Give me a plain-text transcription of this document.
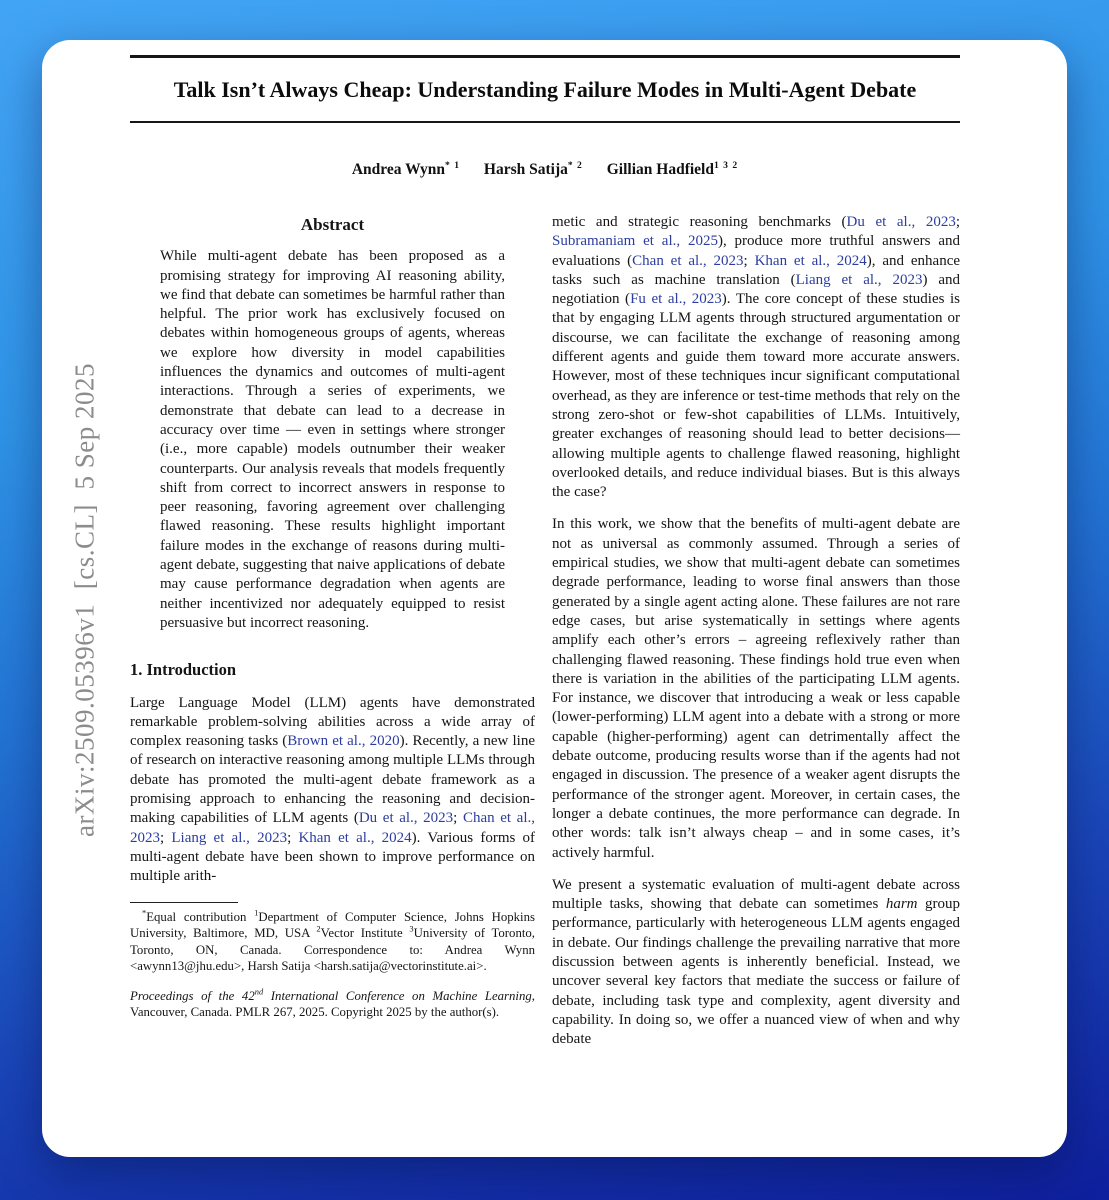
arXiv:2509.05396v1  [cs.CL]  5 Sep 2025
Talk Isn’t Always Cheap: Understanding Failure Modes in Multi-Agent Debate
Andrea Wynn$^{* 1}$ Harsh Satija$^{* 2}$ Gillian Hadfield$^{1 3 2}$
Abstract
While multi-agent debate has been proposed as a promising strategy for improving AI reasoning ability, we find that debate can sometimes be harmful rather than helpful. The prior work has exclusively focused on debates within homogeneous groups of agents, whereas we explore how diversity in model capabilities influences the dynamics and outcomes of multi-agent interactions. Through a series of experiments, we demonstrate that debate can lead to a decrease in accuracy over time — even in settings where stronger (i.e., more capable) models outnumber their weaker counterparts. Our analysis reveals that models frequently shift from correct to incorrect answers in response to peer reasoning, favoring agreement over challenging flawed reasoning. These results highlight important failure modes in the exchange of reasons during multi-agent debate, suggesting that naive applications of debate may cause performance degradation when agents are neither incentivized nor adequately equipped to resist persuasive but incorrect reasoning.
1. Introduction

Large Language Model (LLM) agents have demonstrated remarkable problem-solving abilities across a wide array of complex reasoning tasks (Brown et al., 2020). Recently, a new line of research on interactive reasoning among multiple LLMs through debate has promoted the multi-agent debate framework as a promising approach to enhancing the reasoning and decision-making capabilities of LLM agents (Du et al., 2023; Chan et al., 2023; Liang et al., 2023; Khan et al., 2024). Various forms of multi-agent debate have been shown to improve performance on multiple arith-

*Equal contribution $^1$Department of Computer Science, Johns Hopkins University, Baltimore, MD, USA $^2$Vector Institute $^3$University of Toronto, Toronto, ON, Canada. Correspondence to: Andrea Wynn <awynn13@jhu.edu>, Harsh Satija <harsh.satija@vectorinstitute.ai>.
Proceedings of the 42nd International Conference on Machine Learning, Vancouver, Canada. PMLR 267, 2025. Copyright 2025 by the author(s).

metic and strategic reasoning benchmarks (Du et al., 2023; Subramaniam et al., 2025), produce more truthful answers and evaluations (Chan et al., 2023; Khan et al., 2024), and enhance tasks such as machine translation (Liang et al., 2023) and negotiation (Fu et al., 2023). The core concept of these studies is that by engaging LLM agents through structured argumentation or discourse, we can facilitate the exchange of reasoning among different agents and guide them toward more accurate answers. However, most of these techniques incur significant computational overhead, as they are inference or test-time methods that rely on the strong zero-shot or few-shot capabilities of LLMs. Intuitively, greater exchanges of reasoning should lead to better decisions—allowing multiple agents to challenge flawed reasoning, highlight overlooked details, and reduce individual biases. But is this always the case?

In this work, we show that the benefits of multi-agent debate are not as universal as commonly assumed. Through a series of empirical studies, we show that multi-agent debate can sometimes degrade performance, leading to worse final answers than those generated by a single agent acting alone. These failures are not rare edge cases, but arise systematically in settings where agents amplify each other’s errors – agreeing reflexively rather than challenging flawed reasoning. These findings hold true even when there is variation in the abilities of the participating LLM agents. For instance, we discover that introducing a weak or less capable (lower-performing) LLM agent into a debate with a strong or more capable (higher-performing) agent can detrimentally affect the debate outcome, producing results worse than if the agents had not engaged in discussion. The presence of a weaker agent disrupts the performance of the stronger agent. Moreover, in certain cases, the longer a debate continues, the more performance can degrade. In other words: talk isn’t always cheap – and in some cases, it’s actively harmful.

We present a systematic evaluation of multi-agent debate across multiple tasks, showing that debate can sometimes harm group performance, particularly with heterogeneous LLM agents engaged in debate. Our findings challenge the prevailing narrative that more discussion between agents is inherently beneficial. Instead, we uncover several key factors that mediate the success or failure of debate, including task type and complexity, agent diversity and capability. In doing so, we offer a nuanced view of when and why debate
